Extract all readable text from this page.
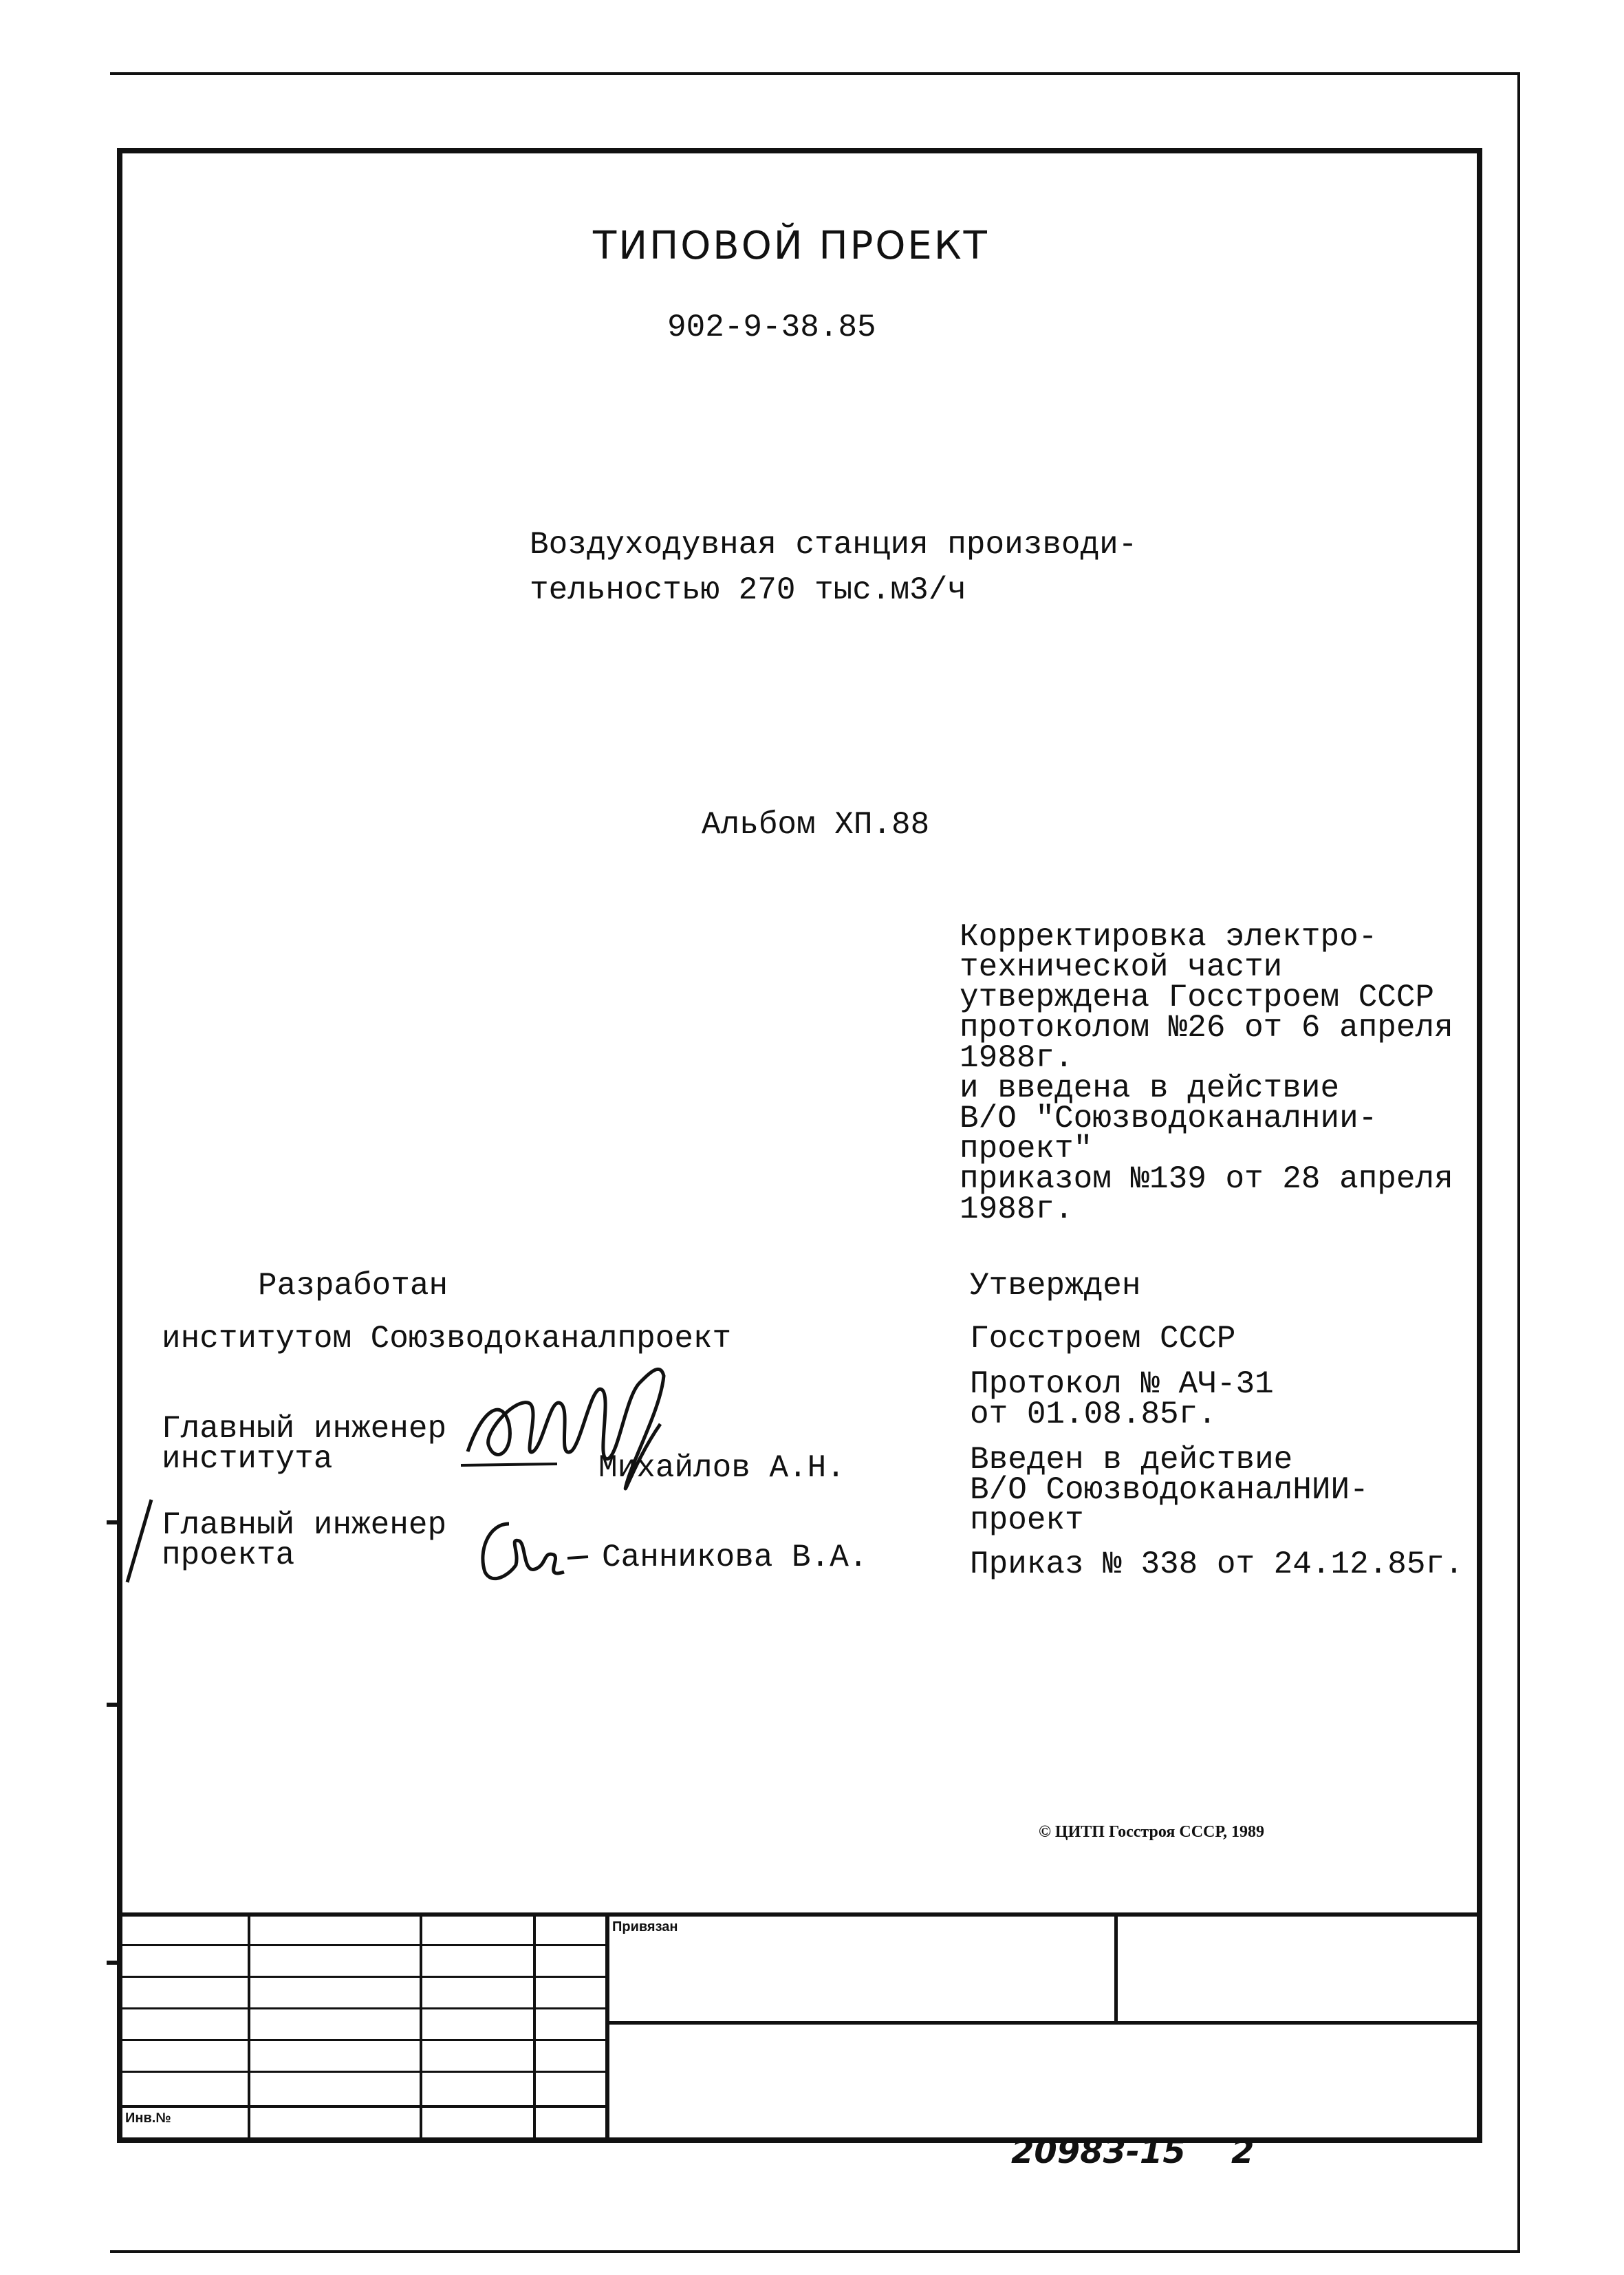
ТИПОВОЙ ПРОЕКТ
902-9-38.85
Воздуходувная станция производи-
тельностью 270 тыс.м3/ч
Альбом ХП.88
Корректировка электро-
технической части
утверждена Госстроем СССР
протоколом №26 от 6 апреля
1988г.
и введена в действие
В/О "Союзводоканалнии-
проект"
приказом №139 от 28 апреля
1988г.
Разработан
институтом Союзводоканалпроект
Главный инженер
института	Михайлов А.Н.
Главный инженер
проекта	Санникова В.А.
Утвержден
Госстроем СССР
Протокол № АЧ-31
от 01.08.85г.
Введен в действие
В/О СоюзводоканалНИИ-
проект
Приказ № 338 от 24.12.85г.
© ЦИТП Госстроя СССР, 1989
Привязан
Инв.№
20983-15 2
